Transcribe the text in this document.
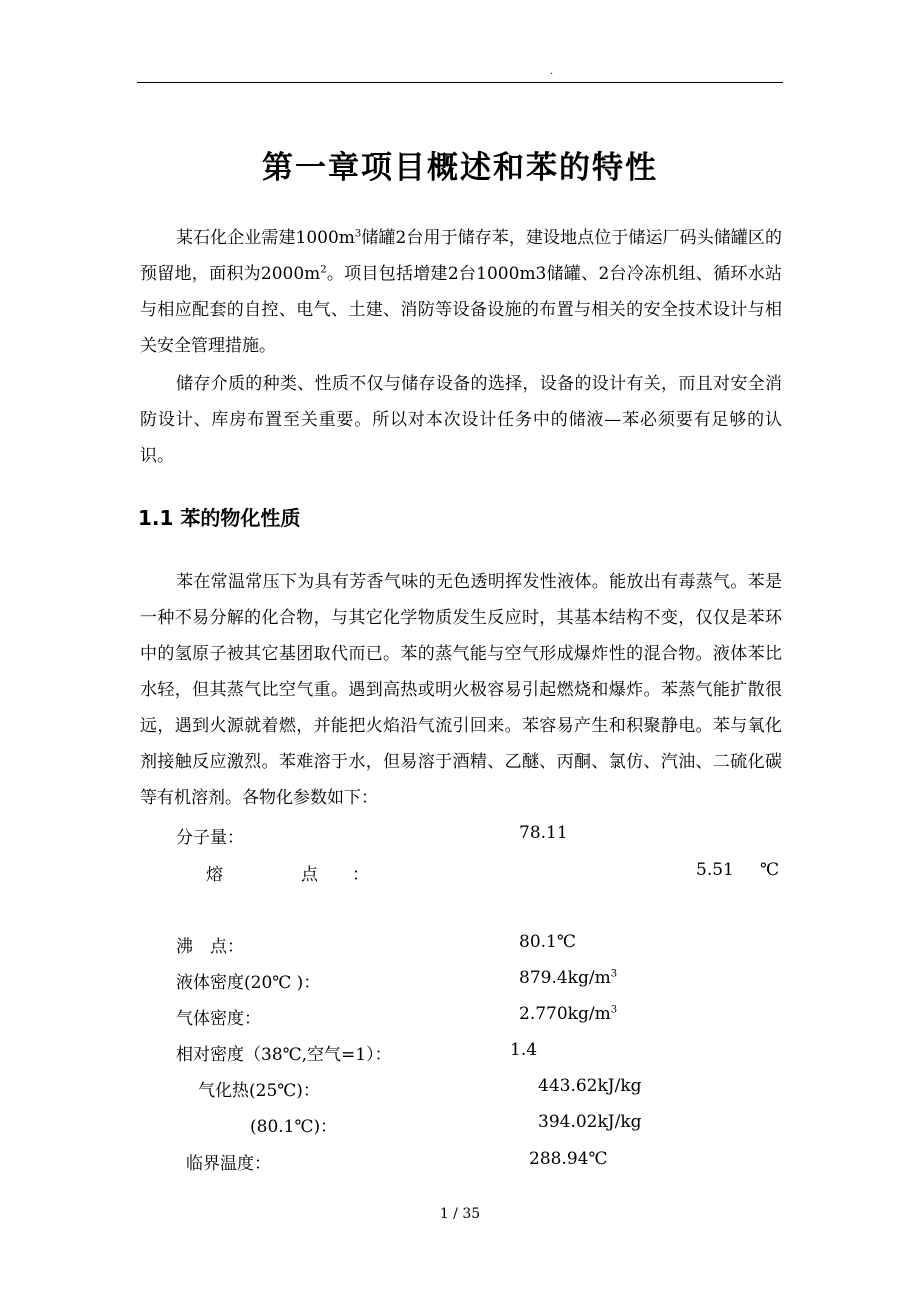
.
第一章项目概述和苯的特性

某石化企业需建$1000m^3$储罐2台用于储存苯，建设地点位于储运厂码头储罐区的预留地，面积为$2000m^2$。项目包括增建2台1000m3储罐、2台冷冻机组、循环水站与相应配套的自控、电气、土建、消防等设备设施的布置与相关的安全技术设计与相关安全管理措施。

储存介质的种类、性质不仅与储存设备的选择，设备的设计有关，而且对安全消防设计、库房布置至关重要。所以对本次设计任务中的储液—苯必须要有足够的认识。

1.1 苯的物化性质

苯在常温常压下为具有芳香气味的无色透明挥发性液体。能放出有毒蒸气。苯是一种不易分解的化合物，与其它化学物质发生反应时，其基本结构不变，仅仅是苯环中的氢原子被其它基团取代而已。苯的蒸气能与空气形成爆炸性的混合物。液体苯比水轻，但其蒸气比空气重。遇到高热或明火极容易引起燃烧和爆炸。苯蒸气能扩散很远，遇到火源就着燃，并能把火焰沿气流引回来。苯容易产生和积聚静电。苯与氧化剂接触反应激烈。苯难溶于水，但易溶于酒精、乙醚、丙酮、氯仿、汽油、二硫化碳等有机溶剂。各物化参数如下：

分子量：	78.11
熔	点 ：	5.51 ℃
沸　点：	80.1℃
液体密度(20℃ )：	$879.4kg/m^3$
气体密度：	$2.770kg/m^3$
相对密度（38℃,空气=1）：	1.4
气化热(25℃)：	443.62kJ/kg
(80.1℃)：	394.02kJ/kg
临界温度：	288.94℃
1 / 35
